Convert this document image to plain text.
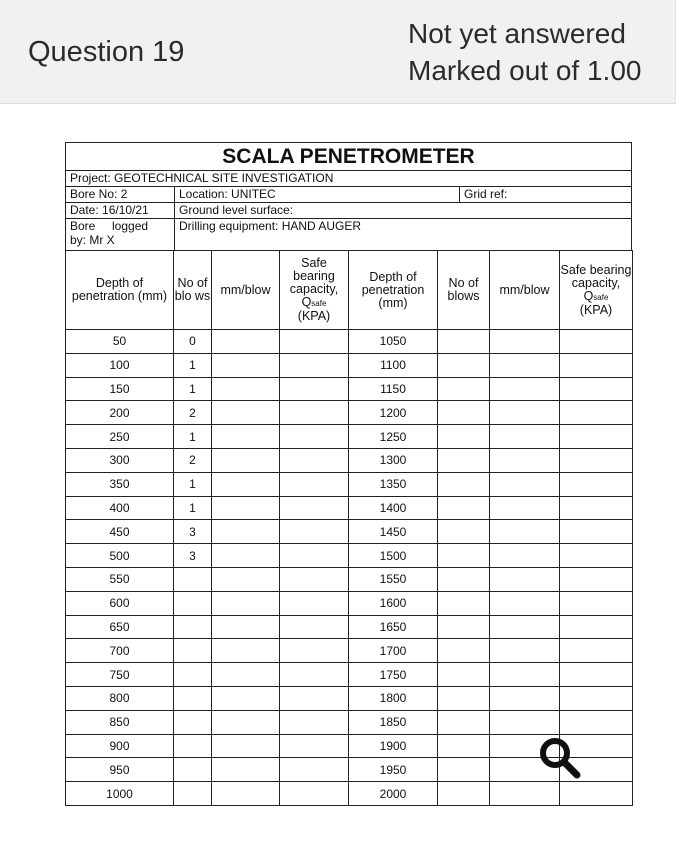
Question 19
Not yet answered
Marked out of 1.00
SCALA PENETROMETER
Project: GEOTECHNICAL SITE INVESTIGATION
Bore No: 2	Location: UNITEC	Grid ref:
Date: 16/10/21	Ground level surface:
Bore     logged
by: Mr X
Drilling equipment: HAND AUGER
Depth of penetration (mm)	No of blo ws	mm/blow	Safe bearing capacity,
Qsafe
(KPA)	Depth of penetration (mm)	No of blows	mm/blow	Safe bearing capacity,
Qsafe
(KPA)
50	0			1050			
100	1			1100			
150	1			1150			
200	2			1200			
250	1			1250			
300	2			1300			
350	1			1350			
400	1			1400			
450	3			1450			
500	3			1500			
550				1550			
600				1600			
650				1650			
700				1700			
750				1750			
800				1800			
850				1850			
900				1900			
950				1950			
1000				2000			
